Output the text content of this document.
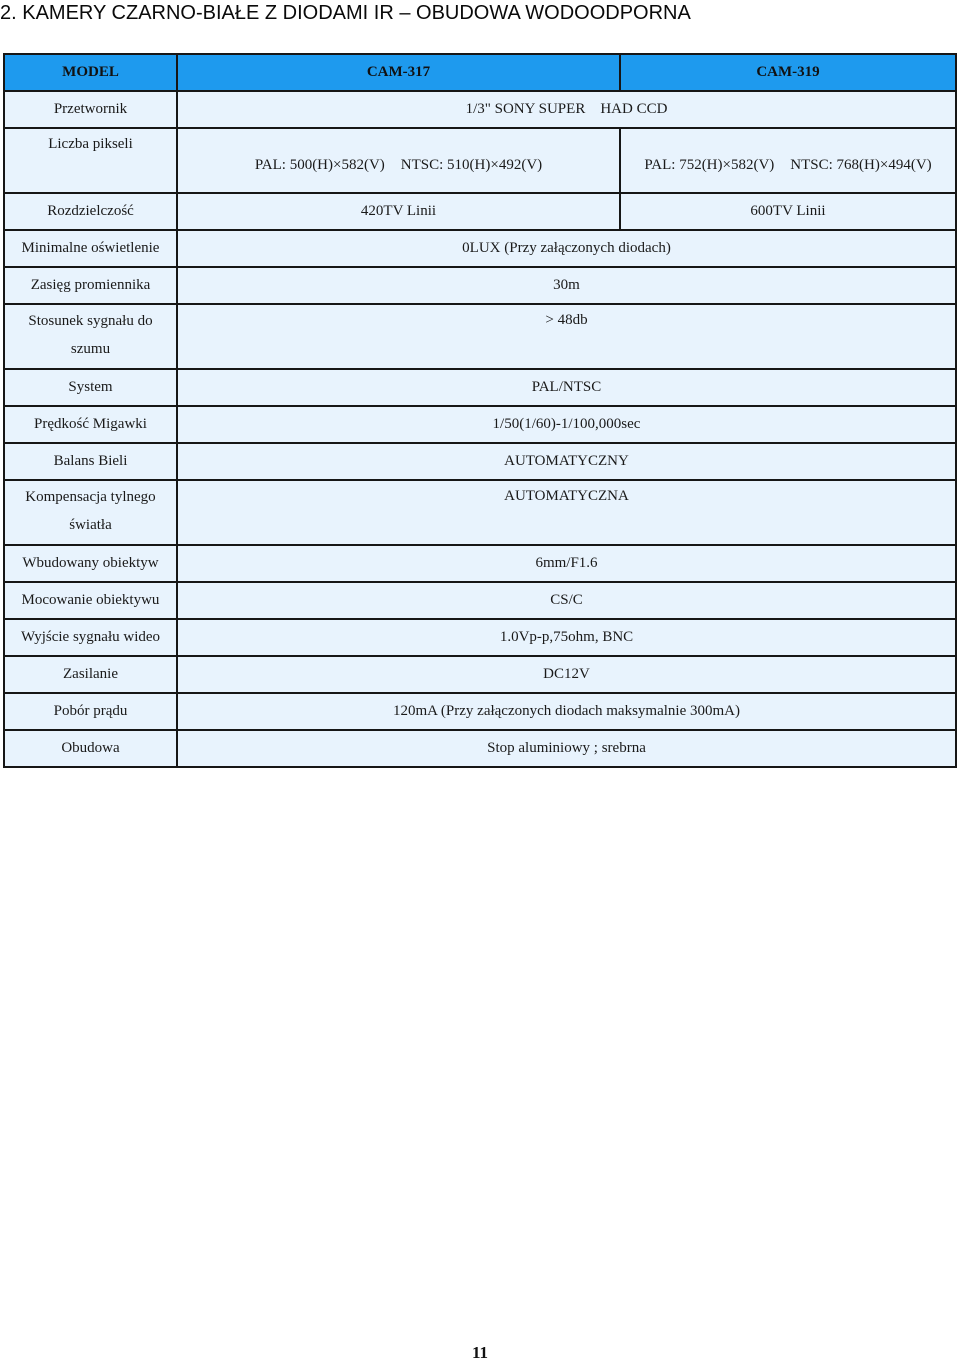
2. KAMERY CZARNO-BIAŁE Z DIODAMI IR – OBUDOWA WODOODPORNA
MODEL	CAM-317	CAM-319
Przetwornik	1/3" SONY SUPER    HAD CCD	
Liczba pikseli	PAL: 500(H)×582(V) NTSC: 510(H)×492(V)	PAL: 752(H)×582(V) NTSC: 768(H)×494(V)
Rozdzielczość	420TV Linii	600TV Linii
Minimalne oświetlenie	0LUX (Przy załączonych diodach)	
Zasięg promiennika	30m	
Stosunek sygnału do szumu	> 48db	
System	PAL/NTSC	
Prędkość Migawki	1/50(1/60)-1/100,000sec	
Balans Bieli	AUTOMATYCZNY	
Kompensacja tylnego światła	AUTOMATYCZNA	
Wbudowany obiektyw	6mm/F1.6	
Mocowanie obiektywu	CS/C	
Wyjście sygnału wideo	1.0Vp-p,75ohm, BNC	
Zasilanie	DC12V	
Pobór prądu	120mA (Przy załączonych diodach maksymalnie 300mA)	
Obudowa	Stop aluminiowy ; srebrna	
11
